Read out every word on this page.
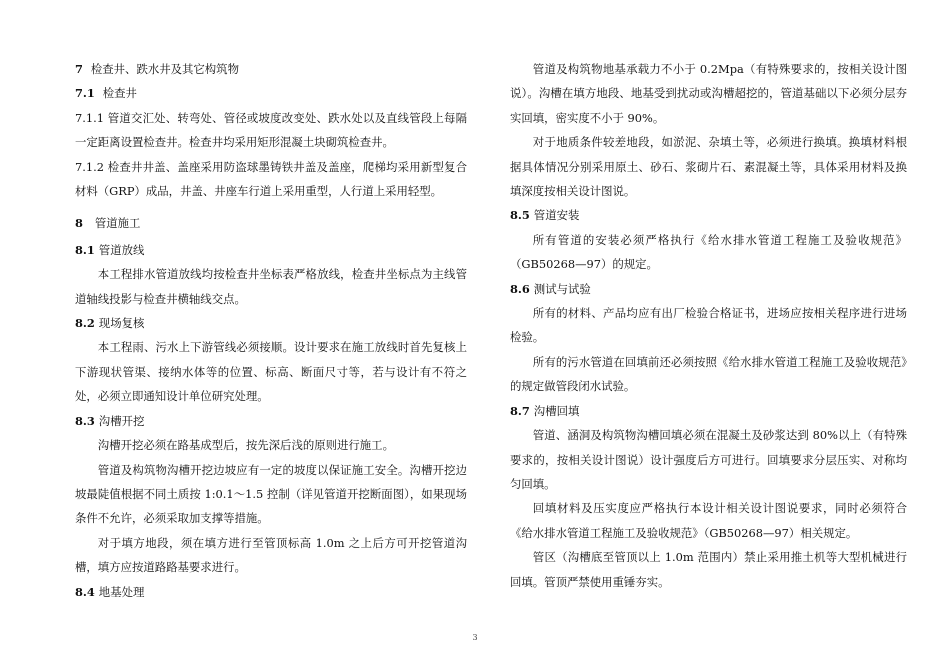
7 检查井、跌水井及其它构筑物

7.1 检查井

7.1.1 管道交汇处、转弯处、管径或坡度改变处、跌水处以及直线管段上每隔一定距离设置检查井。检查井均采用矩形混凝土块砌筑检查井。

7.1.2 检查井井盖、盖座采用防盗球墨铸铁井盖及盖座，爬梯均采用新型复合材料（GRP）成品，井盖、井座车行道上采用重型，人行道上采用轻型。

8 管道施工

8.1 管道放线

本工程排水管道放线均按检查井坐标表严格放线，检查井坐标点为主线管道轴线投影与检查井横轴线交点。

8.2 现场复核

本工程雨、污水上下游管线必须接顺。设计要求在施工放线时首先复核上下游现状管渠、接纳水体等的位置、标高、断面尺寸等，若与设计有不符之处，必须立即通知设计单位研究处理。

8.3 沟槽开挖

沟槽开挖必须在路基成型后，按先深后浅的原则进行施工。

管道及构筑物沟槽开挖边坡应有一定的坡度以保证施工安全。沟槽开挖边坡最陡值根据不同土质按 1:0.1～1.5 控制（详见管道开挖断面图），如果现场条件不允许，必须采取加支撑等措施。

对于填方地段，须在填方进行至管顶标高 1.0m 之上后方可开挖管道沟槽，填方应按道路路基要求进行。

8.4 地基处理

管道及构筑物地基承载力不小于 0.2Mpa（有特殊要求的，按相关设计图说）。沟槽在填方地段、地基受到扰动或沟槽超挖的，管道基础以下必须分层夯实回填，密实度不小于 90%。

对于地质条件较差地段，如淤泥、杂填土等，必须进行换填。换填材料根据具体情况分别采用原土、砂石、浆砌片石、素混凝土等，具体采用材料及换填深度按相关设计图说。

8.5 管道安装

所有管道的安装必须严格执行《给水排水管道工程施工及验收规范》（GB50268—97）的规定。

8.6 测试与试验

所有的材料、产品均应有出厂检验合格证书，进场应按相关程序进行进场检验。

所有的污水管道在回填前还必须按照《给水排水管道工程施工及验收规范》的规定做管段闭水试验。

8.7 沟槽回填

管道、涵洞及构筑物沟槽回填必须在混凝土及砂浆达到 80%以上（有特殊要求的，按相关设计图说）设计强度后方可进行。回填要求分层压实、对称均匀回填。

回填材料及压实度应严格执行本设计相关设计图说要求，同时必须符合《给水排水管道工程施工及验收规范》（GB50268—97）相关规定。

管区（沟槽底至管顶以上 1.0m 范围内）禁止采用推土机等大型机械进行回填。管顶严禁使用重锤夯实。

3
